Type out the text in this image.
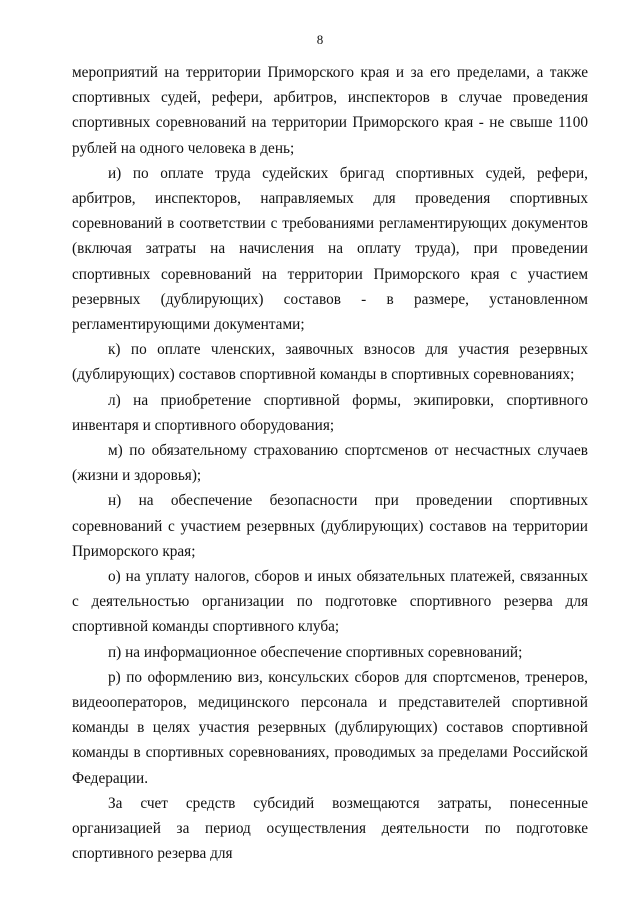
8

мероприятий на территории Приморского края и за его пределами, а также спортивных судей, рефери, арбитров, инспекторов в случае проведения спортивных соревнований на территории Приморского края - не свыше 1100 рублей на одного человека в день;

и) по оплате труда судейских бригад спортивных судей, рефери, арбитров, инспекторов, направляемых для проведения спортивных соревнований в соответствии с требованиями регламентирующих документов (включая затраты на начисления на оплату труда), при проведении спортивных соревнований на территории Приморского края с участием резервных (дублирующих) составов - в размере, установленном регламентирующими документами;

к) по оплате членских, заявочных взносов для участия резервных (дублирующих) составов спортивной команды в спортивных соревнованиях;

л) на приобретение спортивной формы, экипировки, спортивного инвентаря и спортивного оборудования;

м) по обязательному страхованию спортсменов от несчастных случаев (жизни и здоровья);

н) на обеспечение безопасности при проведении спортивных соревнований с участием резервных (дублирующих) составов на территории Приморского края;

о) на уплату налогов, сборов и иных обязательных платежей, связанных с деятельностью организации по подготовке спортивного резерва для спортивной команды спортивного клуба;

п) на информационное обеспечение спортивных соревнований;

р) по оформлению виз, консульских сборов для спортсменов, тренеров, видеооператоров, медицинского персонала и представителей спортивной команды в целях участия резервных (дублирующих) составов спортивной команды в спортивных соревнованиях, проводимых за пределами Российской Федерации.

За счет средств субсидий возмещаются затраты, понесенные организацией за период осуществления деятельности по подготовке спортивного резерва для
